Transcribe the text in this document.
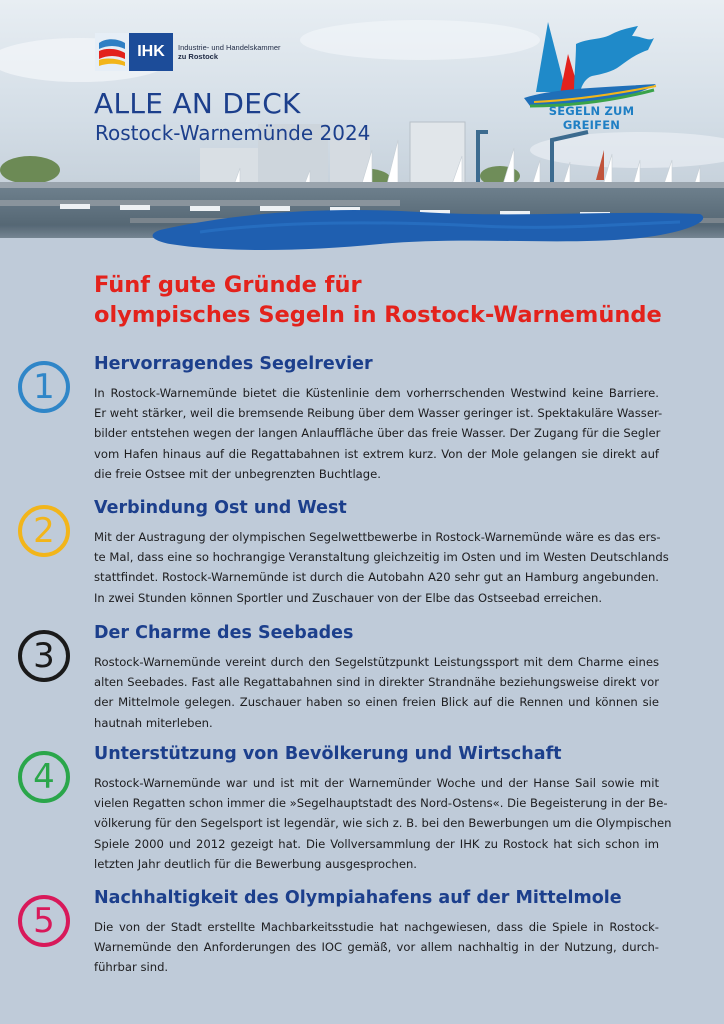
IHK	Industrie- und Handelskammer
zu Rostock
ALLE AN DECK
Rostock-Warnemünde 2024
SEGELN ZUM GREIFEN
Fünf gute Gründe für
olympisches Segeln in Rostock-Warnemünde
1
Hervorragendes Segelrevier
In Rostock-Warnemünde bietet die Küstenlinie dem vorherrschenden Westwind keine Barriere.
Er weht stärker, weil die bremsende Reibung über dem Wasser geringer ist. Spektakuläre Wasser-
bilder entstehen wegen der langen Anlauffläche über das freie Wasser. Der Zugang für die Segler
vom Hafen hinaus auf die Regattabahnen ist extrem kurz. Von der Mole gelangen sie direkt auf
die freie Ostsee mit der unbegrenzten Buchtlage.
2
Verbindung Ost und West
Mit der Austragung der olympischen Segelwettbewerbe in Rostock-Warnemünde wäre es das ers-
te Mal, dass eine so hochrangige Veranstaltung gleichzeitig im Osten und im Westen Deutschlands
stattfindet. Rostock-Warnemünde ist durch die Autobahn A20 sehr gut an Hamburg angebunden.
In zwei Stunden können Sportler und Zuschauer von der Elbe das Ostseebad erreichen.
3
Der Charme des Seebades
Rostock-Warnemünde vereint durch den Segelstützpunkt Leistungssport mit dem Charme eines
alten Seebades. Fast alle Regattabahnen sind in direkter Strandnähe beziehungsweise direkt vor
der Mittelmole gelegen. Zuschauer haben so einen freien Blick auf die Rennen und können sie
hautnah miterleben.
4
Unterstützung von Bevölkerung und Wirtschaft
Rostock-Warnemünde war und ist mit der Warnemünder Woche und der Hanse Sail sowie mit
vielen Regatten schon immer die »Segelhauptstadt des Nord-Ostens«. Die Begeisterung in der Be-
völkerung für den Segelsport ist legendär, wie sich z. B. bei den Bewerbungen um die Olympischen
Spiele 2000 und 2012 gezeigt hat. Die Vollversammlung der IHK zu Rostock hat sich schon im
letzten Jahr deutlich für die Bewerbung ausgesprochen.
5
Nachhaltigkeit des Olympiahafens auf der Mittelmole
Die von der Stadt erstellte Machbarkeitsstudie hat nachgewiesen, dass die Spiele in Rostock-
Warnemünde den Anforderungen des IOC gemäß, vor allem nachhaltig in der Nutzung, durch-
führbar sind.
